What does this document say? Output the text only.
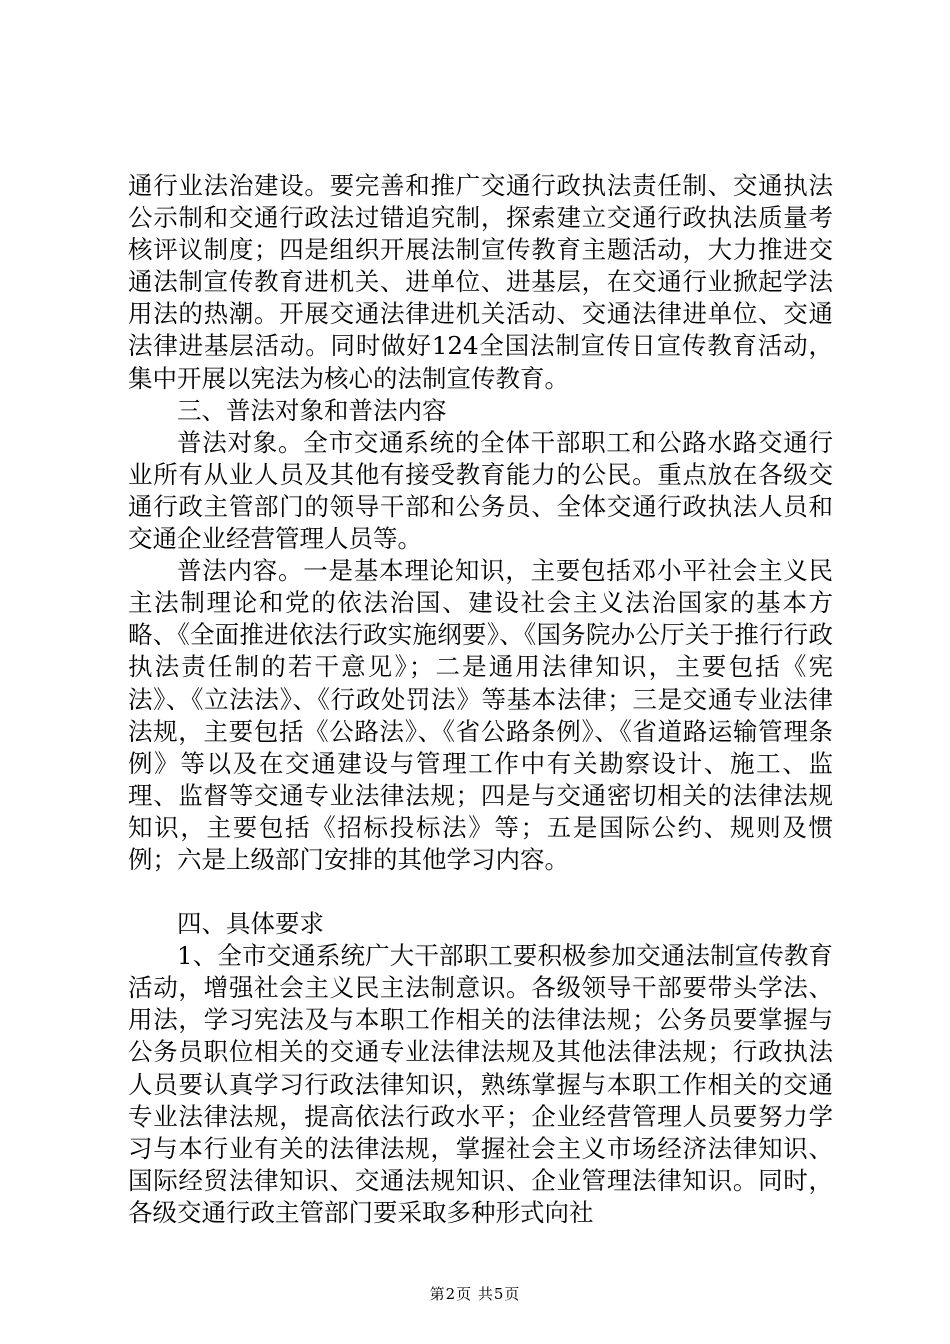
通行业法治建设。要完善和推广交通行政执法责任制、交通执法公示制和交通行政法过错追究制，探索建立交通行政执法质量考核评议制度；四是组织开展法制宣传教育主题活动，大力推进交通法制宣传教育进机关、进单位、进基层，在交通行业掀起学法用法的热潮。开展交通法律进机关活动、交通法律进单位、交通法律进基层活动。同时做好124全国法制宣传日宣传教育活动，集中开展以宪法为核心的法制宣传教育。

三、普法对象和普法内容

普法对象。全市交通系统的全体干部职工和公路水路交通行业所有从业人员及其他有接受教育能力的公民。重点放在各级交通行政主管部门的领导干部和公务员、全体交通行政执法人员和交通企业经营管理人员等。

普法内容。一是基本理论知识，主要包括邓小平社会主义民主法制理论和党的依法治国、建设社会主义法治国家的基本方略、《全面推进依法行政实施纲要》、《国务院办公厅关于推行行政执法责任制的若干意见》；二是通用法律知识，主要包括《宪法》、《立法法》、《行政处罚法》等基本法律；三是交通专业法律法规，主要包括《公路法》、《省公路条例》、《省道路运输管理条例》等以及在交通建设与管理工作中有关勘察设计、施工、监理、监督等交通专业法律法规；四是与交通密切相关的法律法规知识，主要包括《招标投标法》等；五是国际公约、规则及惯例；六是上级部门安排的其他学习内容。

四、具体要求

1、全市交通系统广大干部职工要积极参加交通法制宣传教育活动，增强社会主义民主法制意识。各级领导干部要带头学法、用法，学习宪法及与本职工作相关的法律法规；公务员要掌握与公务员职位相关的交通专业法律法规及其他法律法规；行政执法人员要认真学习行政法律知识，熟练掌握与本职工作相关的交通专业法律法规，提高依法行政水平；企业经营管理人员要努力学习与本行业有关的法律法规，掌握社会主义市场经济法律知识、国际经贸法律知识、交通法规知识、企业管理法律知识。同时，各级交通行政主管部门要采取多种形式向社

第2页 共5页
